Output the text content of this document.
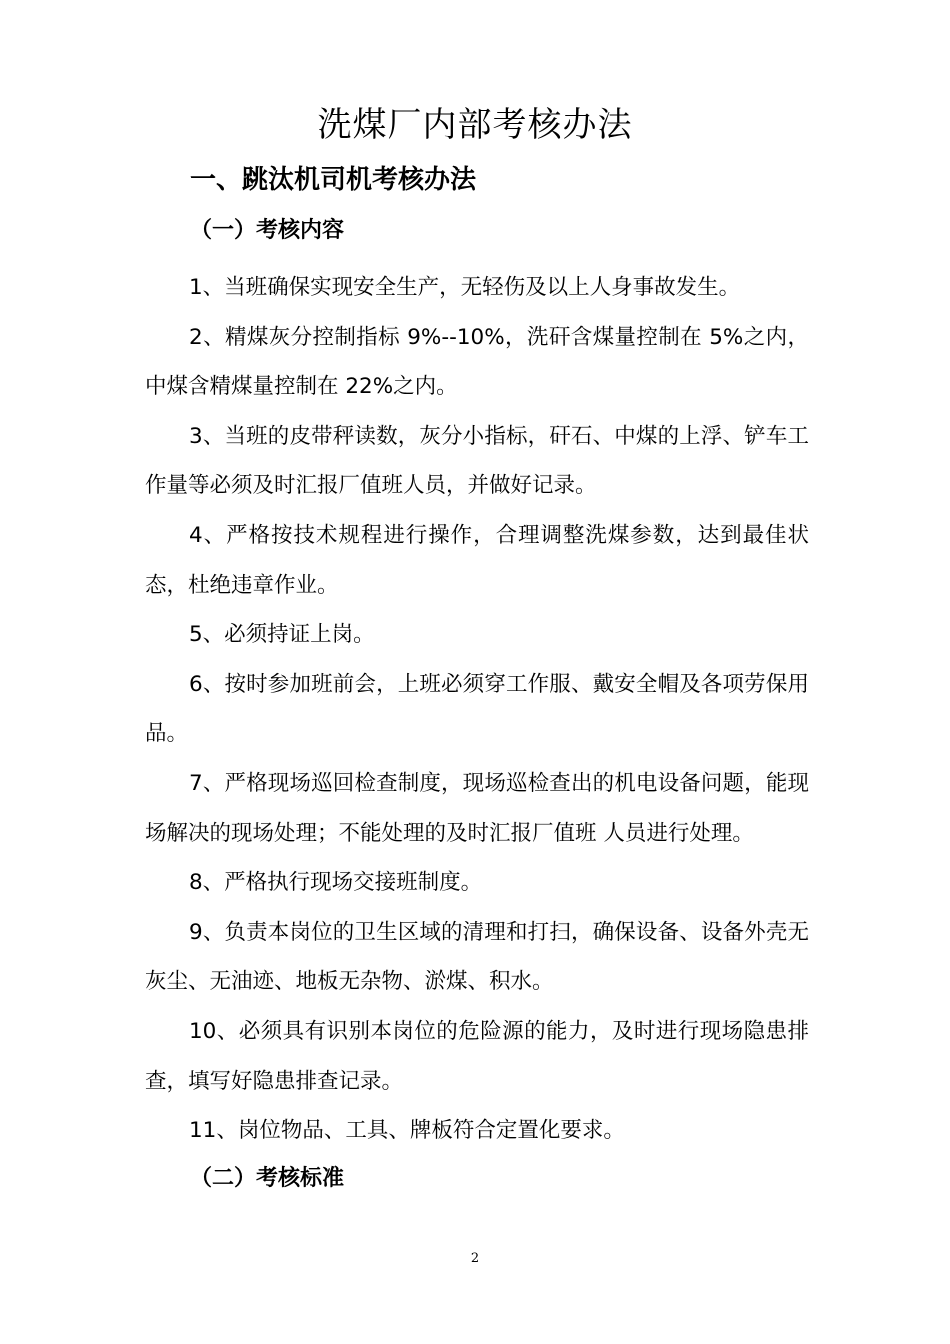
洗煤厂内部考核办法
一、跳汰机司机考核办法
（一）考核内容

1、当班确保实现安全生产，无轻伤及以上人身事故发生。

2、精煤灰分控制指标 9%--10%，洗矸含煤量控制在 5%之内，中煤含精煤量控制在 22%之内。

3、当班的皮带秤读数，灰分小指标，矸石、中煤的上浮、铲车工作量等必须及时汇报厂值班人员，并做好记录。

4、严格按技术规程进行操作，合理调整洗煤参数，达到最佳状态，杜绝违章作业。

5、必须持证上岗。

6、按时参加班前会，上班必须穿工作服、戴安全帽及各项劳保用品。

7、严格现场巡回检查制度，现场巡检查出的机电设备问题，能现场解决的现场处理；不能处理的及时汇报厂值班 人员进行处理。

8、严格执行现场交接班制度。

9、负责本岗位的卫生区域的清理和打扫，确保设备、设备外壳无灰尘、无油迹、地板无杂物、淤煤、积水。

10、必须具有识别本岗位的危险源的能力，及时进行现场隐患排查，填写好隐患排查记录。

11、岗位物品、工具、牌板符合定置化要求。

（二）考核标准
2
